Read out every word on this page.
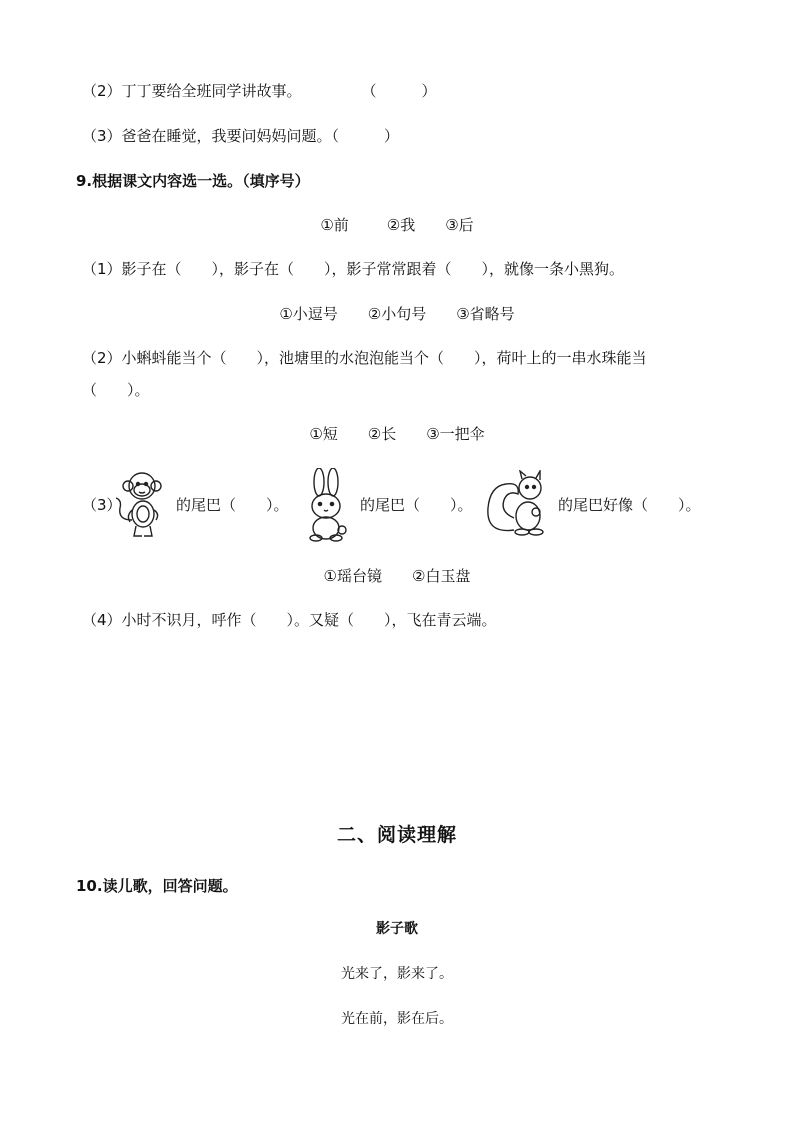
（2）丁丁要给全班同学讲故事。	（　　　）
（3）爸爸在睡觉，我要问妈妈问题。（　　　）
9.根据课文内容选一选。（填序号）
①前	②我 ③后
（1）影子在（　　），影子在（　　），影子常常跟着（　　），就像一条小黑狗。
①小逗号 ②小句号 ③省略号
（2）小蝌蚪能当个（　　），池塘里的水泡泡能当个（　　），荷叶上的一串水珠能当
（　　）。
①短 ②长 ③一把伞
（3）	的尾巴（　　）。	的尾巴（　　）。	的尾巴好像（　　）。
①瑶台镜 ②白玉盘
（4）小时不识月，呼作（　　）。又疑（　　），飞在青云端。
二、阅读理解
10.读儿歌，回答问题。
影子歌
光来了，影来了。
光在前，影在后。
